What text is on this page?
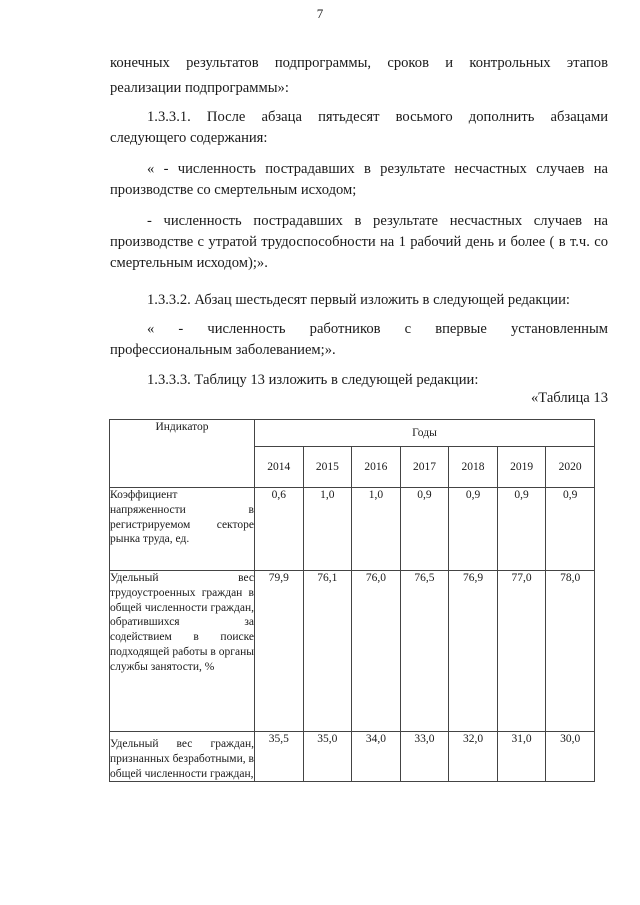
7
конечных результатов подпрограммы, сроков и контрольных этапов
реализации подпрограммы»:
1.3.3.1. После абзаца пятьдесят восьмого дополнить абзацами следующего содержания:
« - численность пострадавших в результате несчастных случаев на производстве со смертельным исходом;
- численность пострадавших в результате несчастных случаев на производстве с утратой трудоспособности на 1 рабочий день и более ( в т.ч. со смертельным исходом);».
1.3.3.2. Абзац шестьдесят первый изложить в следующей редакции:
« - численность работников с впервые установленным профессиональным заболеванием;».
1.3.3.3. Таблицу 13 изложить в следующей редакции:
«Таблица 13
Индикатор	Годы						
	2014	2015	2016	2017	2018	2019	2020
Коэффициент напряженности в регистрируемом секторе рынка труда, ед.	0,6	1,0	1,0	0,9	0,9	0,9	0,9
Удельный вес трудоустроенных граждан в общей численности граждан, обратившихся за содействием в поиске подходящей работы в органы службы занятости, %	79,9	76,1	76,0	76,5	76,9	77,0	78,0
Удельный вес граждан, признанных безработными, в общей численности граждан,	35,5	35,0	34,0	33,0	32,0	31,0	30,0
